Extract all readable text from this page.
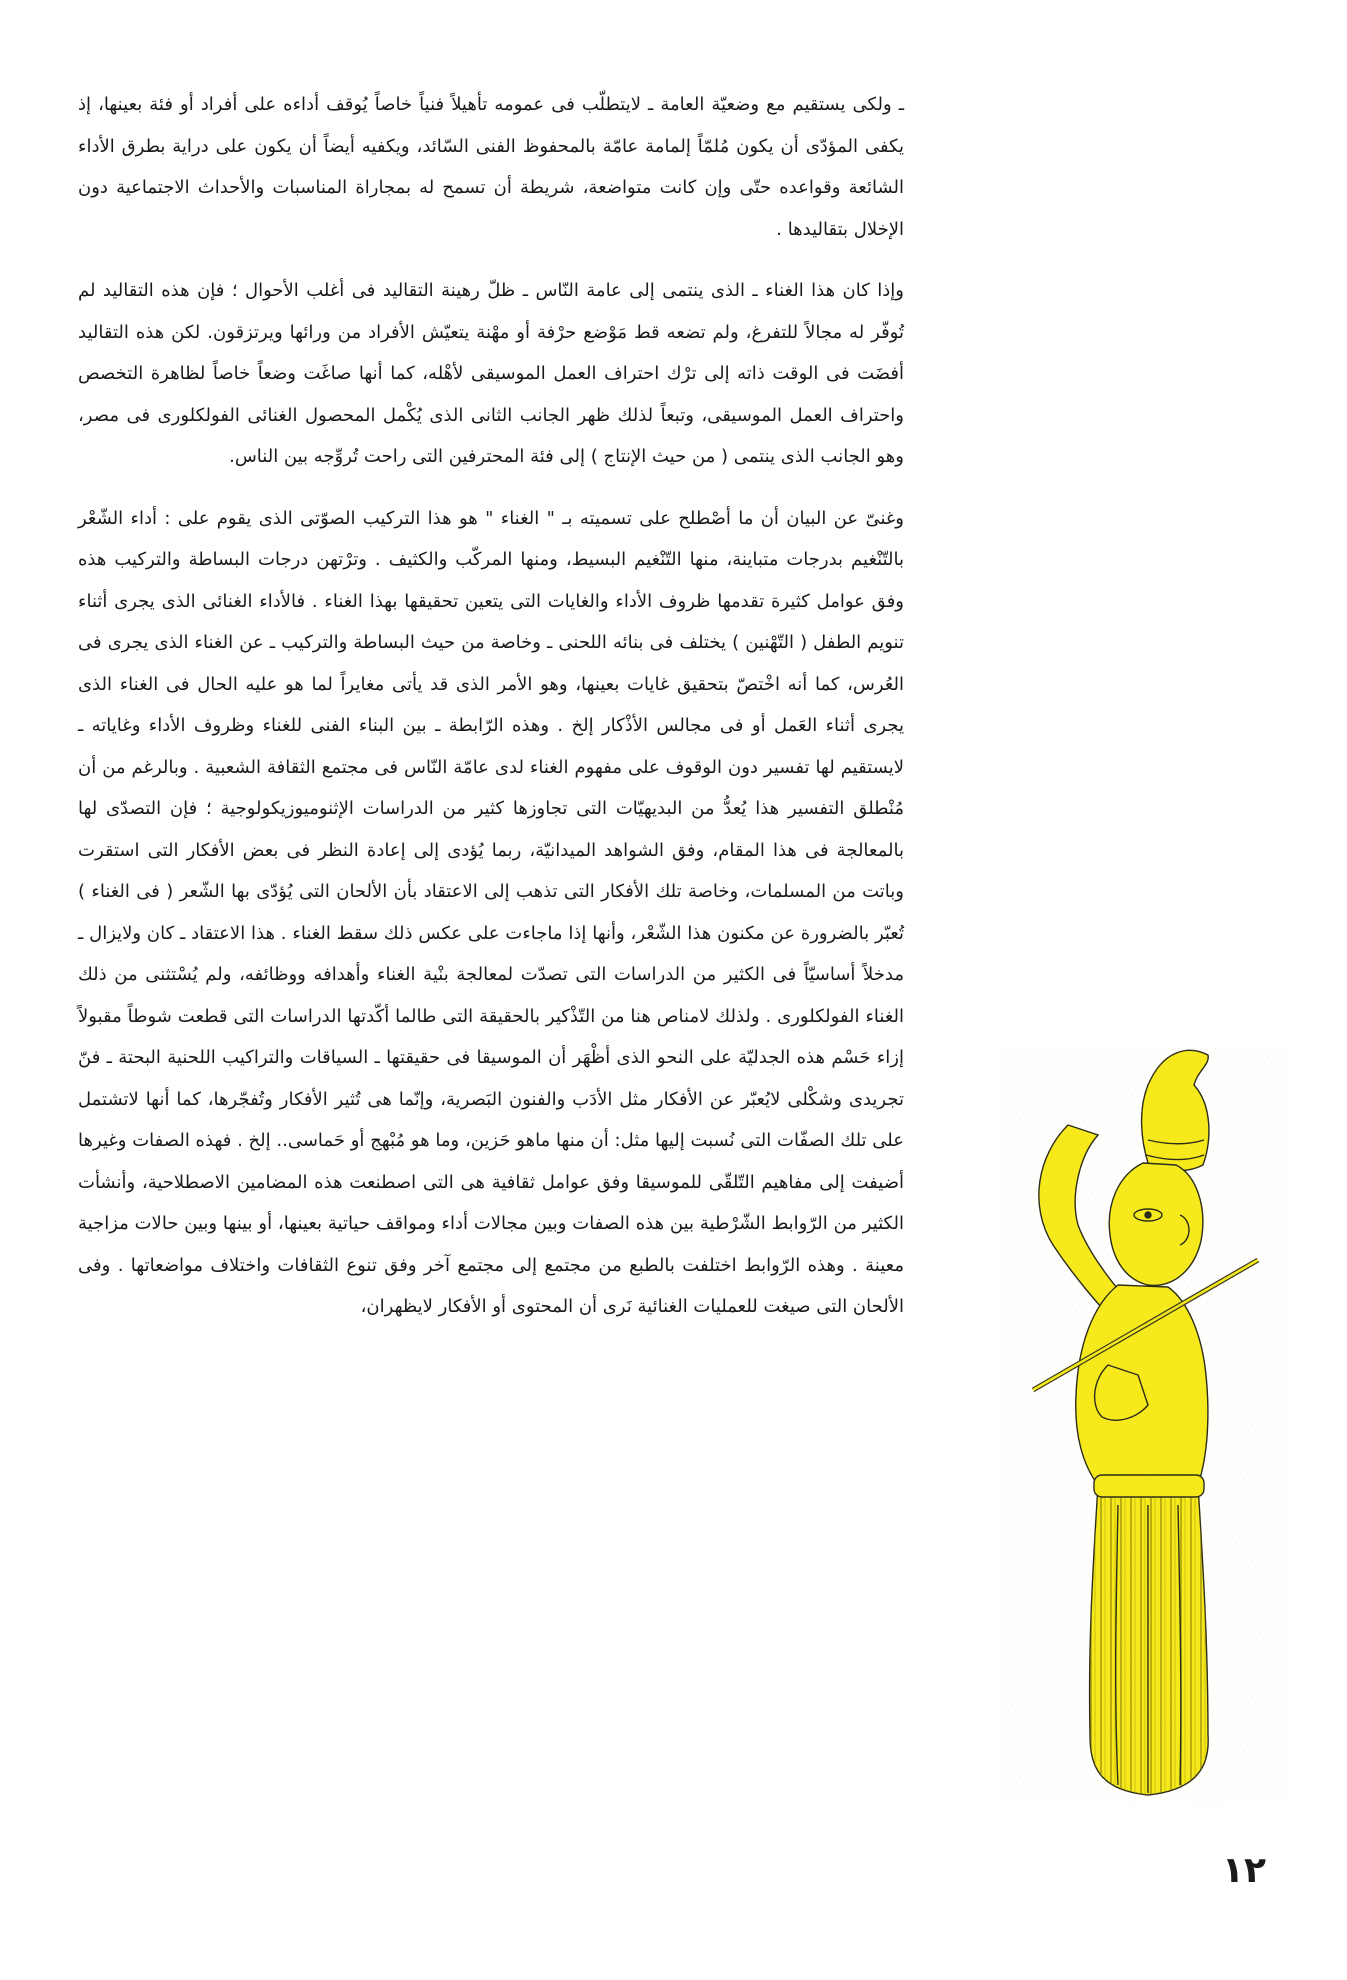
ـ ولكى يستقيم مع وضعيّة العامة ـ لايتطلّب فى عمومه تأهيلاً فنياً خاصاً يُوقف أداءه على أفراد أو فئة بعينها، إذ يكفى المؤدّى أن يكون مُلمّاً إلمامة عامّة بالمحفوظ الفنى السّائد، ويكفيه أيضاً أن يكون على دراية بطرق الأداء الشائعة وقواعده حتّى وإن كانت متواضعة، شريطة أن تسمح له بمجاراة المناسبات والأحداث الاجتماعية دون الإخلال بتقاليدها .

وإذا كان هذا الغناء ـ الذى ينتمى إلى عامة النّاس ـ ظلّ رهينة التقاليد فى أغلب الأحوال ؛ فإن هذه التقاليد لم تُوفّر له مجالاً للتفرغ، ولم تضعه قط مَوْضع حرْفة أو مهْنة يتعيّش الأفراد من ورائها ويرتزقون. لكن هذه التقاليد أفضَت فى الوقت ذاته إلى ترْك احتراف العمل الموسيقى لأهْله، كما أنها صاغَت وضعاً خاصاً لظاهرة التخصص واحتراف العمل الموسيقى، وتبعاً لذلك ظهر الجانب الثانى الذى يُكْمل المحصول الغنائى الفولكلورى فى مصر، وهو الجانب الذى ينتمى ( من حيث الإنتاج ) إلى فئة المحترفين التى راحت تُروِّجه بين الناس.

وغنىّ عن البيان أن ما أصْطلح على تسميته بـ " الغناء " هو هذا التركيب الصوّتى الذى يقوم على : أداء الشّعْر بالتّنْغيم بدرجات متباينة، منها التّنْغيم البسيط، ومنها المركّب والكثيف . وترْتهن درجات البساطة والتركيب هذه وفق عوامل كثيرة تقدمها ظروف الأداء والغايات التى يتعين تحقيقها بهذا الغناء . فالأداء الغنائى الذى يجرى أثناء تنويم الطفل ( التّهْنين ) يختلف فى بنائه اللحنى ـ وخاصة من حيث البساطة والتركيب ـ عن الغناء الذى يجرى فى العُرس، كما أنه اخْتصّ بتحقيق غايات بعينها، وهو الأمر الذى قد يأتى مغايراً لما هو عليه الحال فى الغناء الذى يجرى أثناء العَمل أو فى مجالس الأذْكار إلخ . وهذه الرّابطة ـ بين البناء الفنى للغناء وظروف الأداء وغاياته ـ لايستقيم لها تفسير دون الوقوف على مفهوم الغناء لدى عامّة النّاس فى مجتمع الثقافة الشعبية . وبالرغم من أن مُنْطلق التفسير هذا يُعدُّ من البديهيّات التى تجاوزها كثير من الدراسات الإثنوميوزيكولوجية ؛ فإن التصدّى لها بالمعالجة فى هذا المقام، وفق الشواهد الميدانيّة، ربما يُؤدى إلى إعادة النظر فى بعض الأفكار التى استقرت وباتت من المسلمات، وخاصة تلك الأفكار التى تذهب إلى الاعتقاد بأن الألحان التى يُؤدّى بها الشّعر ( فى الغناء ) تُعبّر بالضرورة عن مكنون هذا الشّعْر، وأنها إذا ماجاءت على عكس ذلك سقط الغناء . هذا الاعتقاد ـ كان ولايزال ـ مدخلاً أساسيّاً فى الكثير من الدراسات التى تصدّت لمعالجة بنْية الغناء وأهدافه ووظائفه، ولم يُسْتثنى من ذلك الغناء الفولكلورى . ولذلك لامناص هنا من التّذْكير بالحقيقة التى طالما أكّدتها الدراسات التى قطعت شوطاً مقبولاً إزاء حَسْم هذه الجدليّة على النحو الذى أظْهَر أن الموسيقا فى حقيقتها ـ السياقات والتراكيب اللحنية البحتة ـ فنّ تجريدى وشكْلى لايُعبّر عن الأفكار مثل الأدَب والفنون البَصرية، وإنّما هى تُثير الأفكار وتُفجّرها، كما أنها لاتشتمل على تلك الصفّات التى نُسبت إليها مثل: أن منها ماهو حَزين، وما هو مُبْهج أو حَماسى.. إلخ . فهذه الصفات وغيرها أضيفت إلى مفاهيم التّلقّى للموسيقا وفق عوامل ثقافية هى التى اصطنعت هذه المضامين الاصطلاحية، وأنشأت الكثير من الرّوابط الشّرْطية بين هذه الصفات وبين مجالات أداء ومواقف حياتية بعينها، أو بينها وبين حالات مزاجية معينة . وهذه الرّوابط اختلفت بالطبع من مجتمع إلى مجتمع آخر وفق تنوع الثقافات واختلاف مواضعاتها . وفى الألحان التى صيغت للعمليات الغنائية نَرى أن المحتوى أو الأفكار لايظهران،

١٢
